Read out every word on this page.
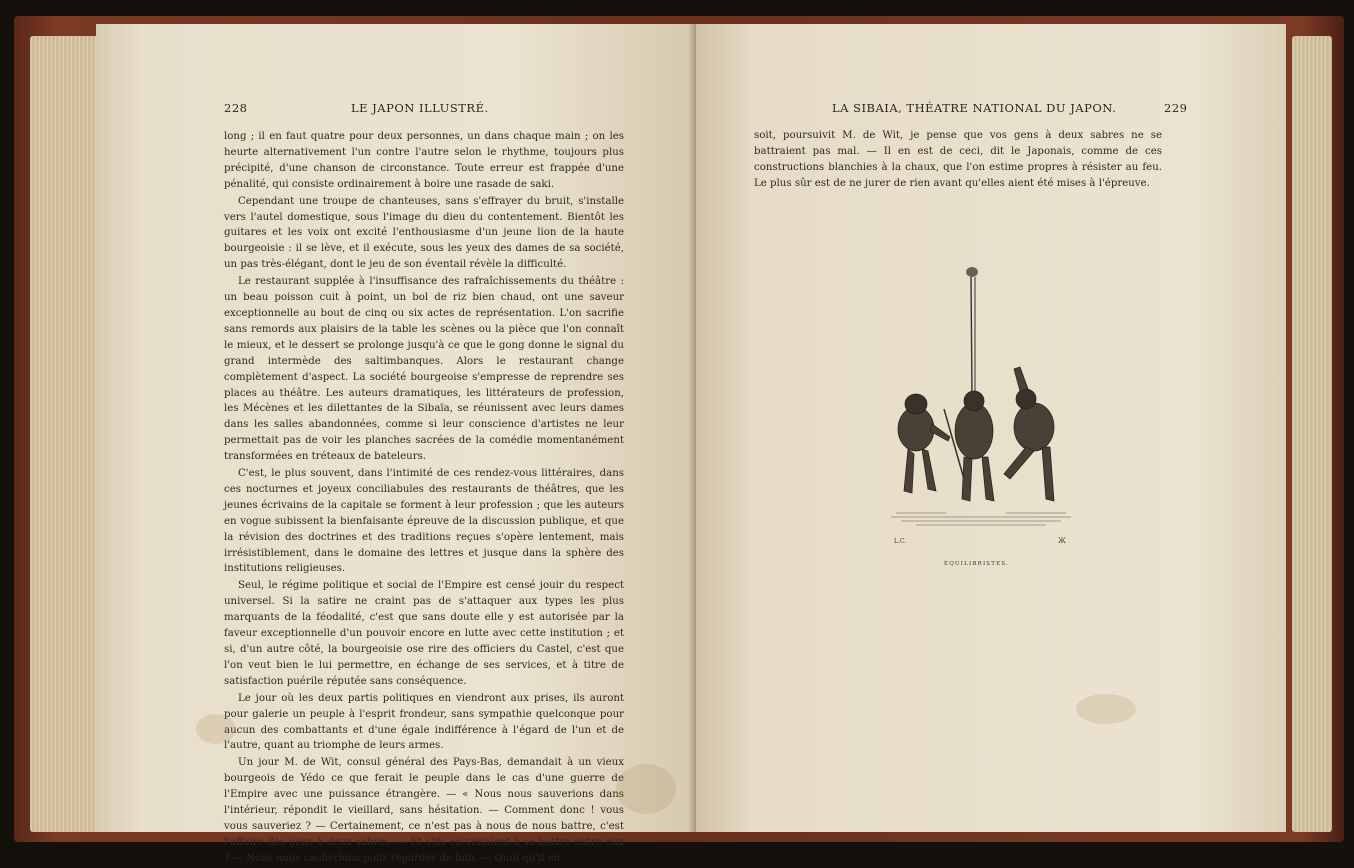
228	LE JAPON ILLUSTRÉ.

long ; il en faut quatre pour deux personnes, un dans chaque main ; on les heurte alternativement l'un contre l'autre selon le rhythme, toujours plus précipité, d'une chanson de circonstance. Toute erreur est frappée d'une pénalité, qui consiste ordinairement à boire une rasade de saki.

Cependant une troupe de chanteuses, sans s'effrayer du bruit, s'installe vers l'autel domestique, sous l'image du dieu du contentement. Bientôt les guitares et les voix ont excité l'enthousiasme d'un jeune lion de la haute bourgeoisie : il se lève, et il exécute, sous les yeux des dames de sa société, un pas très-élégant, dont le jeu de son éventail révèle la difficulté.

Le restaurant supplée à l'insuffisance des rafraîchissements du théâtre : un beau poisson cuit à point, un bol de riz bien chaud, ont une saveur exceptionnelle au bout de cinq ou six actes de représentation. L'on sacrifie sans remords aux plaisirs de la table les scènes ou la pièce que l'on connaît le mieux, et le dessert se prolonge jusqu'à ce que le gong donne le signal du grand intermède des saltimbanques. Alors le restaurant change complètement d'aspect. La société bourgeoise s'empresse de reprendre ses places au théâtre. Les auteurs dramatiques, les littérateurs de profession, les Mécènes et les dilettantes de la Sibaïa, se réunissent avec leurs dames dans les salles abandonnées, comme si leur conscience d'artistes ne leur permettait pas de voir les planches sacrées de la comédie momentanément transformées en tréteaux de bateleurs.

C'est, le plus souvent, dans l'intimité de ces rendez-vous littéraires, dans ces nocturnes et joyeux conciliabules des restaurants de théâtres, que les jeunes écrivains de la capitale se forment à leur profession ; que les auteurs en vogue subissent la bienfaisante épreuve de la discussion publique, et que la révision des doctrines et des traditions reçues s'opère lentement, mais irrésistiblement, dans le domaine des lettres et jusque dans la sphère des institutions religieuses.

Seul, le régime politique et social de l'Empire est censé jouir du respect universel. Si la satire ne craint pas de s'attaquer aux types les plus marquants de la féodalité, c'est que sans doute elle y est autorisée par la faveur exceptionnelle d'un pouvoir encore en lutte avec cette institution ; et si, d'un autre côté, la bourgeoisie ose rire des officiers du Castel, c'est que l'on veut bien le lui permettre, en échange de ses services, et à titre de satisfaction puérile réputée sans conséquence.

Le jour où les deux partis politiques en viendront aux prises, ils auront pour galerie un peuple à l'esprit frondeur, sans sympathie quelconque pour aucun des combattants et d'une égale indifférence à l'égard de l'un et de l'autre, quant au triomphe de leurs armes.

Un jour M. de Wit, consul général des Pays-Bas, demandait à un vieux bourgeois de Yédo ce que ferait le peuple dans le cas d'une guerre de l'Empire avec une puissance étrangère. — « Nous nous sauverions dans l'intérieur, répondit le vieillard, sans hésitation. — Comment donc ! vous vous sauveriez ? — Certainement, ce n'est pas à nous de nous battre, c'est l'affaire des gens à deux sabres. — Et s'ils en venaient à se battre entre eux ? — Nous nous cacherions pour regarder de loin. — Quoi qu'il en

LA SIBAIA, THÉATRE NATIONAL DU JAPON.	229

soit, poursuivit M. de Wit, je pense que vos gens à deux sabres ne se battraient pas mal. — Il en est de ceci, dit le Japonais, comme de ces constructions blanchies à la chaux, que l'on estime propres à résister au feu. Le plus sûr est de ne jurer de rien avant qu'elles aient été mises à l'épreuve.

L.C.	Ж
ÉQUILIBRISTES.
